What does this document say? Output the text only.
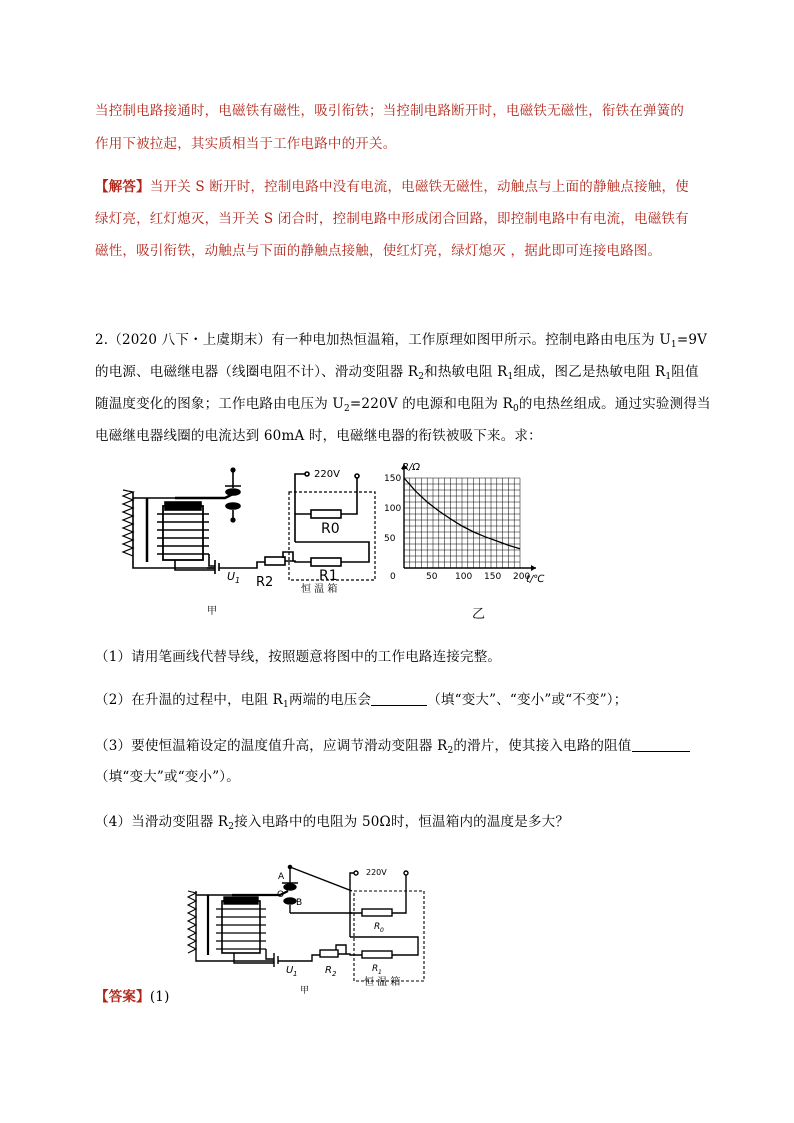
当控制电路接通时，电磁铁有磁性，吸引衔铁；当控制电路断开时，电磁铁无磁性，衔铁在弹簧的
作用下被拉起，其实质相当于工作电路中的开关。
【解答】当开关 S 断开时，控制电路中没有电流，电磁铁无磁性，动触点与上面的静触点接触，使
绿灯亮，红灯熄灭，当开关 S 闭合时，控制电路中形成闭合回路，即控制电路中有电流，电磁铁有
磁性，吸引衔铁，动触点与下面的静触点接触，使红灯亮，绿灯熄灭 ，据此即可连接电路图。
2.（2020 八下・上虞期末）有一种电加热恒温箱，工作原理如图甲所示。控制电路由电压为 $U_1=9V$
的电源、电磁继电器（线圈电阻不计）、滑动变阻器 $R_2$和热敏电阻 $R_1$组成，图乙是热敏电阻 $R_1$阻值
随温度变化的图象；工作电路由电压为 $U_2=220V$ 的电源和电阻为 $R_0$的电热丝组成。通过实验测得当
电磁继电器线圈的电流达到 60mA 时，电磁继电器的衔铁被吸下来。求：
220V
R0
R1
R2
U 1
恒 温 箱
甲
0	50 100 150 200
50
100
150
R/Ω
t/℃
乙
（1）请用笔画线代替导线，按照题意将图中的工作电路连接完整。
（2）在升温的过程中，电阻 $R_1$两端的电压会	（填“变大”、“变小”或“不变”）；
（3）要使恒温箱设定的温度值升高，应调节滑动变阻器 $R_2$的滑片，使其接入电路的阻值
（填“变大”或“变小”）。
（4）当滑动变阻器 $R_2$接入电路中的电阻为 50Ω时，恒温箱内的温度是多大？
A
O
B
220V
R 0
R 1
R 2
U 1
恒 温 箱
甲
【答案】(1)
